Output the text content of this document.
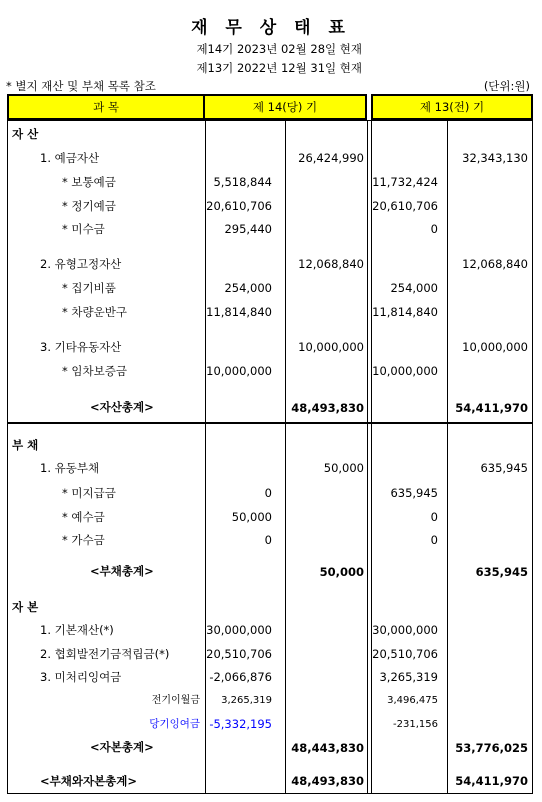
재 무 상 태 표
제14기 2023년 02월 28일 현재
제13기 2022년 12월 31일 현재
* 별지 재산 및 부채 목록 참조	(단위:원)
과 목	제 14(당) 기	제 13(전) 기
자 산
1. 예금자산	26,424,990	32,343,130
* 보통예금	5,518,844	11,732,424
* 정기예금	20,610,706	20,610,706
* 미수금	295,440	0
2. 유형고정자산	12,068,840	12,068,840
* 집기비품	254,000	254,000
* 차량운반구	11,814,840	11,814,840
3. 기타유동자산	10,000,000	10,000,000
* 임차보증금	10,000,000	10,000,000
<자산총계>	48,493,830	54,411,970
부 채
1. 유동부채	50,000	635,945
* 미지급금	0	635,945
* 예수금	50,000	0
* 가수금	0	0
<부채총계>	50,000	635,945
자 본
1. 기본재산(*)	30,000,000	30,000,000
2. 협회발전기금적립금(*)	20,510,706	20,510,706
3. 미처리잉여금	-2,066,876	3,265,319
전기이월금 3,265,319	3,496,475
당기잉여금 -5,332,195	-231,156
<자본총계>	48,443,830	53,776,025
<부채와자본총계>	48,493,830	54,411,970
